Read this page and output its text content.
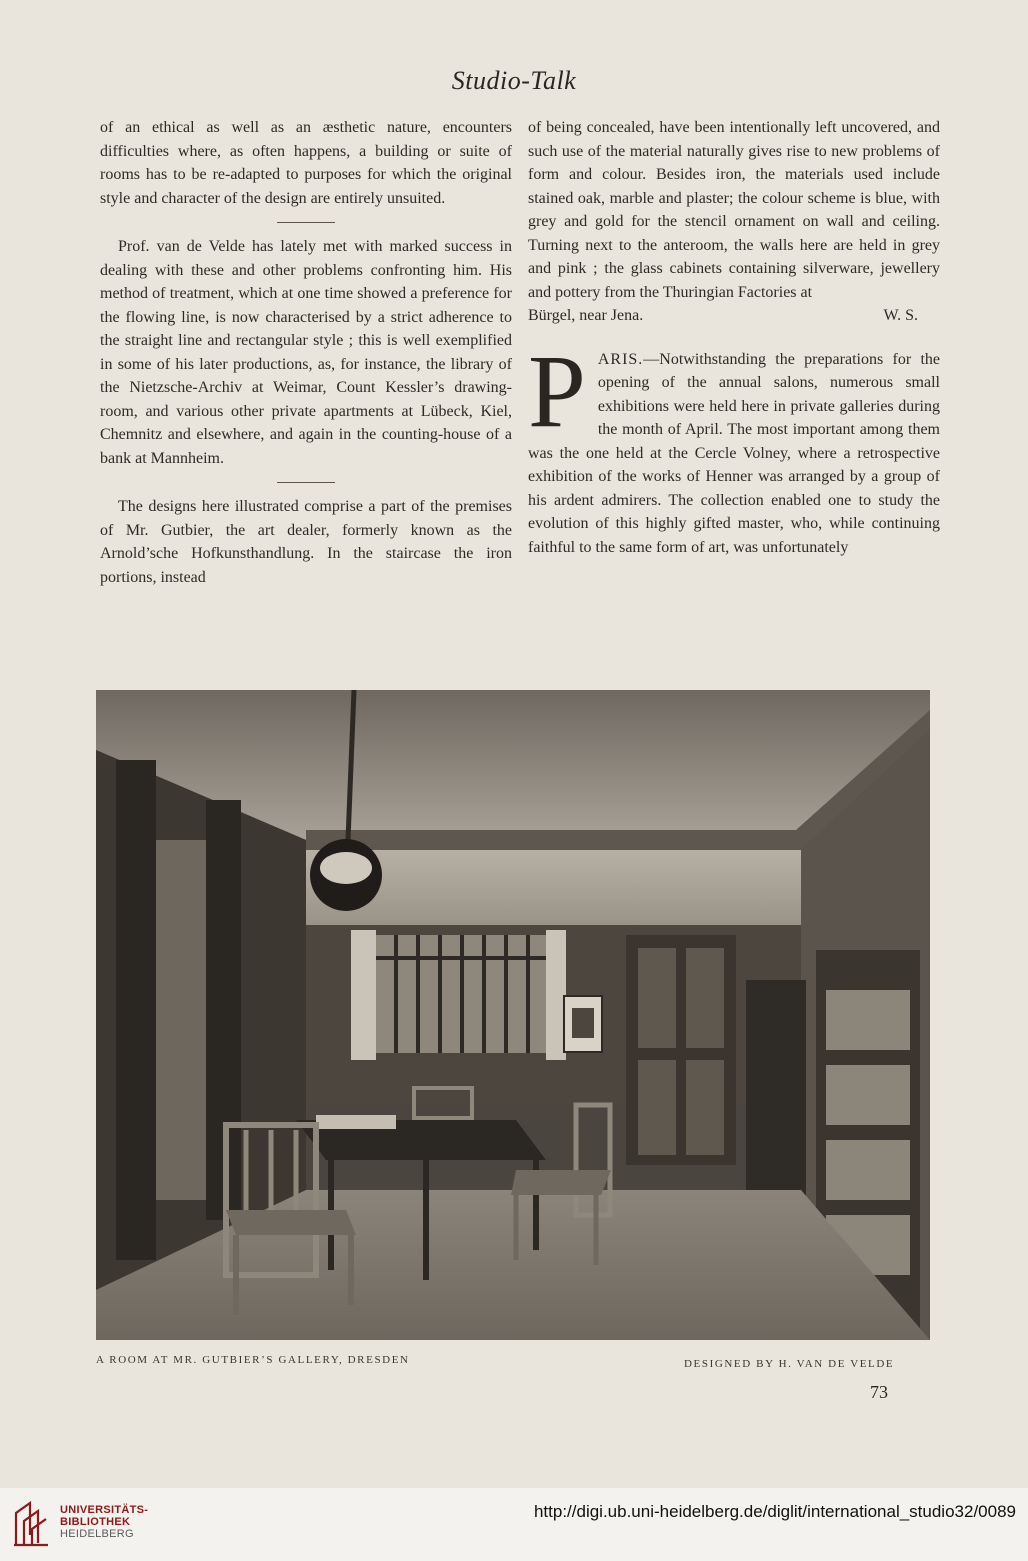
Studio-Talk

of an ethical as well as an æsthetic nature, encounters difficulties where, as often happens, a building or suite of rooms has to be re-adapted to purposes for which the original style and character of the design are entirely unsuited.

Prof. van de Velde has lately met with marked success in dealing with these and other problems confronting him. His method of treatment, which at one time showed a preference for the flowing line, is now characterised by a strict adherence to the straight line and rectangular style ; this is well exemplified in some of his later productions, as, for instance, the library of the Nietzsche-Archiv at Weimar, Count Kessler’s drawing-room, and various other private apartments at Lübeck, Kiel, Chemnitz and elsewhere, and again in the counting-house of a bank at Mannheim.

The designs here illustrated comprise a part of the premises of Mr. Gutbier, the art dealer, formerly known as the Arnold’sche Hofkunsthandlung. In the staircase the iron portions, instead

of being concealed, have been intentionally left uncovered, and such use of the material naturally gives rise to new problems of form and colour. Besides iron, the materials used include stained oak, marble and plaster; the colour scheme is blue, with grey and gold for the stencil ornament on wall and ceiling. Turning next to the anteroom, the walls here are held in grey and pink ; the glass cabinets containing silverware, jewellery and pottery from the Thuringian Factories at

Bürgel, near Jena.	W. S.
P ARIS.—Notwithstanding the preparations for the opening of the annual salons, numerous small exhibitions were held here in private galleries during the month of April. The most important among them was the one held at the Cercle Volney, where a retrospective exhibition of the works of Henner was arranged by a group of his ardent admirers. The collection enabled one to study the evolution of this highly gifted master, who, while continuing faithful to the same form of art, was unfortunately

A ROOM AT MR. GUTBIER’S GALLERY, DRESDEN	DESIGNED BY H. VAN DE VELDE
73
UNIVERSITÄTS-
BIBLIOTHEK
HEIDELBERG
http://digi.ub.uni-heidelberg.de/diglit/international_studio32/0089
